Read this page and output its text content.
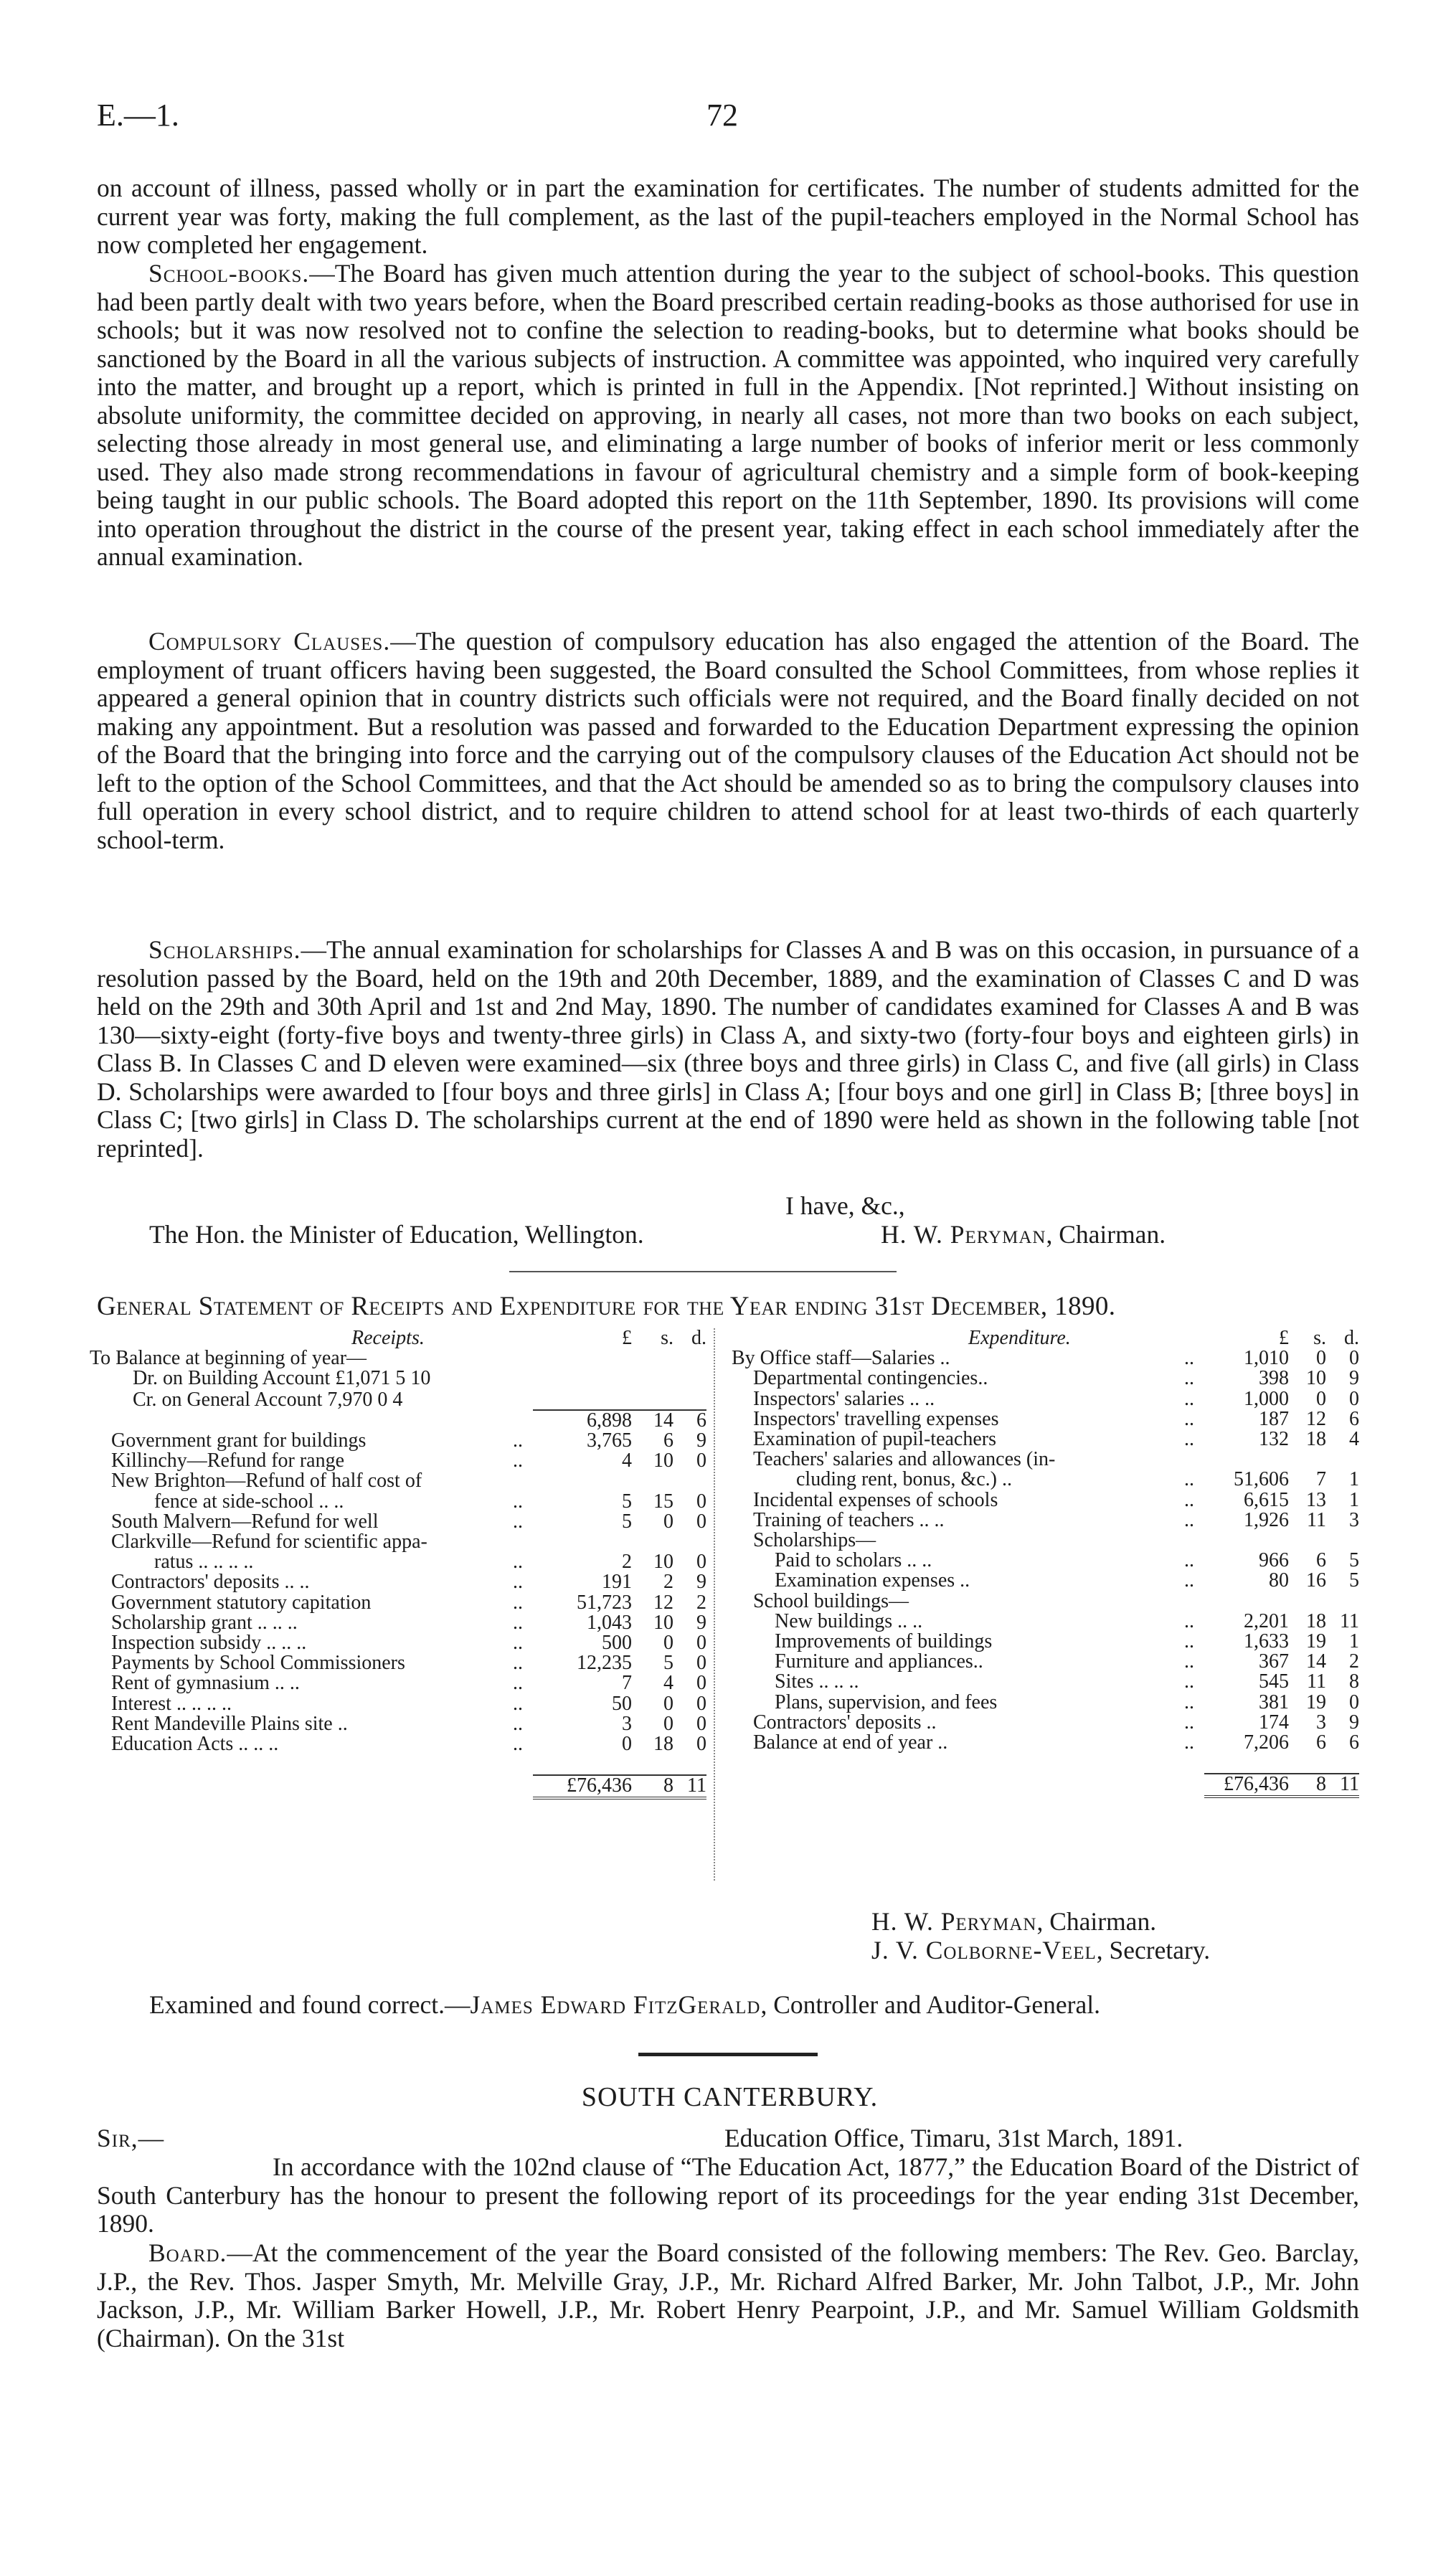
E.—1.	72

on account of illness, passed wholly or in part the examination for certificates. The number of students admitted for the current year was forty, making the full complement, as the last of the pupil-teachers employed in the Normal School has now completed her engagement.

School-books.—The Board has given much attention during the year to the subject of school-books. This question had been partly dealt with two years before, when the Board prescribed certain reading-books as those authorised for use in schools; but it was now resolved not to confine the selection to reading-books, but to determine what books should be sanctioned by the Board in all the various subjects of instruction. A committee was appointed, who inquired very carefully into the matter, and brought up a report, which is printed in full in the Appendix. [Not reprinted.] Without insisting on absolute uniformity, the committee decided on approving, in nearly all cases, not more than two books on each subject, selecting those already in most general use, and eliminating a large number of books of inferior merit or less commonly used. They also made strong recommendations in favour of agricultural chemistry and a simple form of book-keeping being taught in our public schools. The Board adopted this report on the 11th September, 1890. Its provisions will come into operation throughout the district in the course of the present year, taking effect in each school immediately after the annual examination.

Compulsory Clauses.—The question of compulsory education has also engaged the attention of the Board. The employment of truant officers having been suggested, the Board consulted the School Committees, from whose replies it appeared a general opinion that in country districts such officials were not required, and the Board finally decided on not making any appointment. But a resolution was passed and forwarded to the Education Department expressing the opinion of the Board that the bringing into force and the carrying out of the compulsory clauses of the Education Act should not be left to the option of the School Committees, and that the Act should be amended so as to bring the compulsory clauses into full operation in every school district, and to require children to attend school for at least two-thirds of each quarterly school-term.

Scholarships.—The annual examination for scholarships for Classes A and B was on this occasion, in pursuance of a resolution passed by the Board, held on the 19th and 20th December, 1889, and the examination of Classes C and D was held on the 29th and 30th April and 1st and 2nd May, 1890. The number of candidates examined for Classes A and B was 130—sixty-eight (forty-five boys and twenty-three girls) in Class A, and sixty-two (forty-four boys and eighteen girls) in Class B. In Classes C and D eleven were examined—six (three boys and three girls) in Class C, and five (all girls) in Class D. Scholarships were awarded to [four boys and three girls] in Class A; [four boys and one girl] in Class B; [three boys] in Class C; [two girls] in Class D. The scholarships current at the end of 1890 were held as shown in the following table [not reprinted].

I have, &c.,
The Hon. the Minister of Education, Wellington.	H. W. Peryman, Chairman.
General Statement of Receipts and Expenditure for the Year ending 31st December, 1890.
Receipts.		£	s.	d.
To Balance at beginning of year—				
Dr. on Building Account £1,071 5 10				
Cr. on General Account 7,970 0 4				
		6,898	14	6
Government grant for buildings	..	3,765	6	9
Killinchy—Refund for range	..	4	10	0
New Brighton—Refund of half cost of				
fence at side-school .. ..	..	5	15	0
South Malvern—Refund for well	..	5	0	0
Clarkville—Refund for scientific appa-				
ratus .. .. .. ..	..	2	10	0
Contractors' deposits .. ..	..	191	2	9
Government statutory capitation	..	51,723	12	2
Scholarship grant .. .. ..	..	1,043	10	9
Inspection subsidy .. .. ..	..	500	0	0
Payments by School Commissioners	..	12,235	5	0
Rent of gymnasium .. ..	..	7	4	0
Interest .. .. .. ..	..	50	0	0
Rent Mandeville Plains site ..	..	3	0	0
Education Acts .. .. ..	..	0	18	0

		£76,436	8	11
Expenditure.		£	s.	d.
By Office staff—Salaries ..	..	1,010	0	0
Departmental contingencies..	..	398	10	9
Inspectors' salaries .. ..	..	1,000	0	0
Inspectors' travelling expenses	..	187	12	6
Examination of pupil-teachers	..	132	18	4
Teachers' salaries and allowances (in-				
cluding rent, bonus, &c.) ..	..	51,606	7	1
Incidental expenses of schools	..	6,615	13	1
Training of teachers .. ..	..	1,926	11	3
Scholarships—				
Paid to scholars .. ..	..	966	6	5
Examination expenses ..	..	80	16	5
School buildings—				
New buildings .. ..	..	2,201	18	11
Improvements of buildings	..	1,633	19	1
Furniture and appliances..	..	367	14	2
Sites .. .. ..	..	545	11	8
Plans, supervision, and fees	..	381	19	0
Contractors' deposits ..	..	174	3	9
Balance at end of year ..	..	7,206	6	6

		£76,436	8	11
H. W. Peryman, Chairman.
J. V. Colborne-Veel, Secretary.
Examined and found correct.—James Edward FitzGerald, Controller and Auditor-General.
SOUTH CANTERBURY.
Sir,—	Education Office, Timaru, 31st March, 1891.

In accordance with the 102nd clause of “The Education Act, 1877,” the Education Board of the District of South Canterbury has the honour to present the following report of its proceedings for the year ending 31st December, 1890.

Board.—At the commencement of the year the Board consisted of the following members: The Rev. Geo. Barclay, J.P., the Rev. Thos. Jasper Smyth, Mr. Melville Gray, J.P., Mr. Richard Alfred Barker, Mr. John Talbot, J.P., Mr. John Jackson, J.P., Mr. William Barker Howell, J.P., Mr. Robert Henry Pearpoint, J.P., and Mr. Samuel William Goldsmith (Chairman). On the 31st
